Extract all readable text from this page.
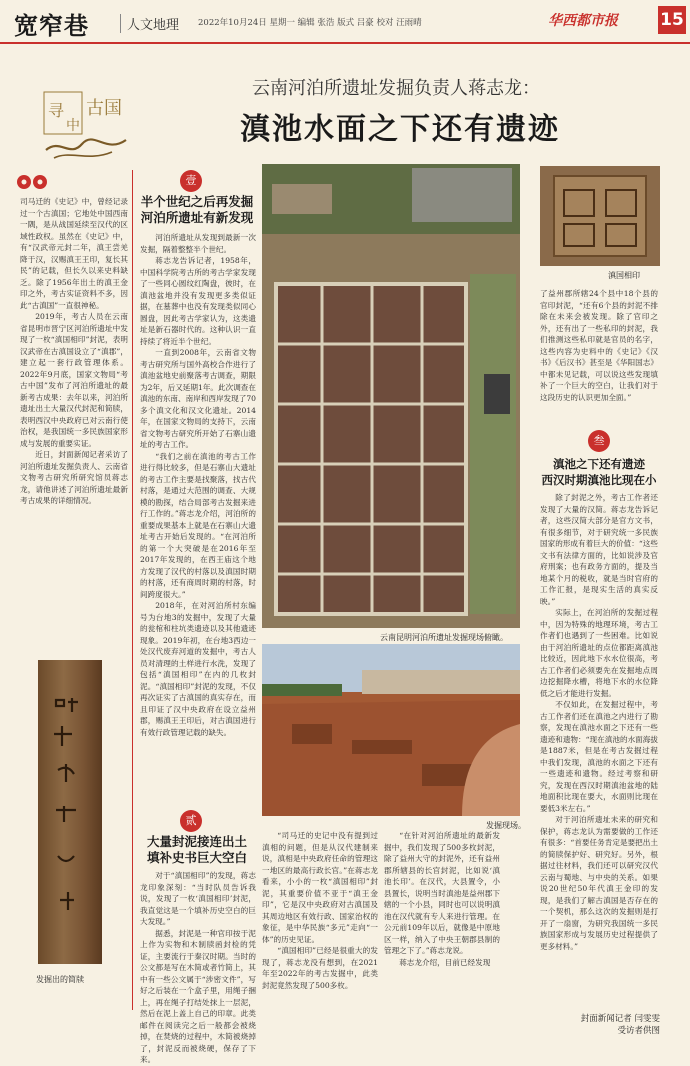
宽窄巷	人文地理 2022年10月24日 星期一 编辑 张浩 版式 吕豪 校对 汪雨晴	华西都市报	15
古国
寻
中
云南河泊所遗址发掘负责人蒋志龙：
滇池水面之下还有遗迹

司马迁的《史记》中，曾经记录过一个古滇国；它地处中国西南一隅，是从战国延续至汉代的区域性政权。虽然在《史记》中，有“汉武帝元封二年，滇王尝羌降于汉，汉赐滇王王印，复长其民”的记载，但长久以来史料缺乏。除了1956年出土的滇王金印之外，考古实证资料不多，因此“古滇国”一直很神秘。

2019年，考古人员在云南省昆明市晋宁区河泊所遗址中发现了一枚“滇国相印”封泥，表明汉武帝在古滇国设立了“滇郡”，建立起一套行政管理体系。2022年9月底，国家文物局“考古中国”发布了河泊所遗址的最新考古成果：去年以来，河泊所遗址出土大量汉代封泥和简牍，表明西汉中央政府已对云南行使治权，是我国统一多民族国家形成与发展的重要实证。

近日，封面新闻记者采访了河泊所遗址发掘负责人、云南省文物考古研究所研究馆员蒋志龙，请他讲述了河泊所遗址最新考古成果的详细情况。

发掘出的简牍
壹
半个世纪之后再发掘
河泊所遗址有新发现

河泊所遗址从发现到最新一次发掘，隔着整整半个世纪。

蒋志龙告诉记者，1958年，中国科学院考古所的考古学家发现了一些同心圆纹红陶盘，彼时，在滇池盆地并没有发现更多类似证据，在墓葬中也没有发现类似同心圆盘，因此考古学家认为，这类遗址是新石器时代的。这种认识一直持续了将近半个世纪。

一直到2008年，云南省文物考古研究所与国外高校合作进行了滇池盆地史前聚落考古调查，期限为2年，后又延期1年。此次调查在滇池的东南、南岸和西岸发现了70多个滇文化和汉文化遗址。2014年，在国家文物局的支持下，云南省文物考古研究所开始了石寨山遗址的考古工作。

“我们之前在滇池的考古工作进行得比较多，但是石寨山大遗址的考古工作主要是找聚落，找古代村落，是通过大范围的调查、大规模的勘探，结合局部考古发掘来进行工作的。”蒋志龙介绍，河泊所的重要成果基本上就是在石寨山大遗址考古开始后发现的。“在河泊所的第一个大突破是在2016年至2017年发现的，在西王庙这个地方发现了汉代的村落以及滇国时期的村落，还有商周时期的村落，时间跨度很大。”

2018年，在对河泊所村东编号为台地3的发掘中，发现了大量的瓮棺和柱坑类遗迹以及其他遗迹现象。2019年初，在台地3西边一处汉代废弃河道的发掘中，考古人员对清理的土样进行水洗，发现了包括“滇国相印”在内的几枚封泥。“滇国相印”封泥的发现，不仅再次证实了古滇国的真实存在，而且印证了汉中央政府在设立益州郡，赐滇王王印后，对古滇国进行有效行政管理记载的缺失。

贰
大量封泥接连出土
填补史书巨大空白

对于“滇国相印”的发现，蒋志龙印象深刻：“当时队员告诉我说，发现了一枚‘滇国相印’封泥，我直觉这是一个填补历史空白的巨大发现。”

据悉，封泥是一种官印按于泥上作为实物和木制牍函封检的凭证，主要流行于秦汉时期。当时的公文都是写在木简或者竹简上，其中有一些公文属于“涉密文件”，写好之后装在一个盒子里，用绳子捆上，再在绳子打结处抹上一层泥，然后在泥上盖上自己的印章。此类邮件在阅读完之后一般都会被烧掉，在焚烧的过程中，木简被烧掉了，封泥反而被烧硬，保存了下来。

“司马迁的史记中没有提到过滇相的问题，但是从汉代建制来说，滇相是中央政府任命的管理这一地区的最高行政长官。”在蒋志龙看来，小小的一枚“滇国相印”封泥，其重要价值不亚于“滇王金印”，它是汉中央政府对古滇国及其周边地区有效行政、国家治权的象征，是中华民族“多元”走向“一体”的历史见证。

“滇国相印”已经是很重大的发现了，蒋志龙没有想到，在2021年至2022年的考古发掘中，此类封泥竟然发现了500多枚。

“在针对河泊所遗址的最新发掘中，我们发现了500多枚封泥，除了益州大守的封泥外，还有益州郡所辖县的长官封泥，比如说‘滇池长印’。在汉代，大县置令，小县置长，说明当时滇池是益州郡下辖的一个小县，同时也可以说明滇池在汉代就有专人来进行管理。在公元前109年以后，就像是中原地区一样，纳入了中央王朝郡县制的管理之下了。”蒋志龙说。

蒋志龙介绍，目前已经发现

云南昆明河泊所遗址发掘现场俯瞰。
发掘现场。
滇国相印

了益州郡所辖24个县中18个县的官印封泥，“还有6个县的封泥不排除在未来会被发现。除了官印之外，还有出了一些私印的封泥，我们推测这些私印就是官员的名字，这些内容为史料中的《史记》《汉书》《后汉书》甚至是《华阳国志》中都未见记载，可以说这些发现填补了一个巨大的空白，让我们对于这段历史的认识更加全面。”

叁
滇池之下还有遗迹
西汉时期滇池比现在小

除了封泥之外，考古工作者还发现了大量的汉简。蒋志龙告诉记者，这些汉简大部分是官方文书，有很多细节，对于研究统一多民族国家的形成有着巨大的价值：“这些文书有法律方面的，比如说涉及官府刑案；也有政务方面的，提及当地某个月的税收，就是当时官府的工作汇报，是现实生活的真实反映。”

实际上，在河泊所的发掘过程中，因为特殊的地理环境，考古工作者们也遇到了一些困难。比如说由于河泊所遗址的点位都距离滇池比较近，因此地下水水位很高，考古工作者们必须要先在发掘地点周边挖掘降水槽，将地下水的水位降低之后才能进行发掘。

不仅如此，在发掘过程中，考古工作者们还在滇池之内进行了勘察，发现在滇池水面之下还有一些遗迹和遗物：“现在滇池的水面海拔是1887米，但是在考古发掘过程中我们发现，滇池的水面之下还有一些遗迹和遗物。经过考察和研究，发现在西汉时期滇池盆地的陆地面积比现在要大，水面则比现在要低3米左右。”

对于河泊所遗址未来的研究和保护，蒋志龙认为需要做的工作还有很多：“首要任务肯定是要把出土的简牍保护好、研究好。另外，根据过往材料，我们还可以研究汉代云南与蜀地、与中央的关系。如果说20世纪50年代滇王金印的发现，是我们了解古滇国是否存在的一个契机，那么这次的发掘则是打开了一扇窗，为研究我国统一多民族国家形成与发展历史过程提供了更多材料。”

封面新闻记者 闫雯雯
受访者供图
